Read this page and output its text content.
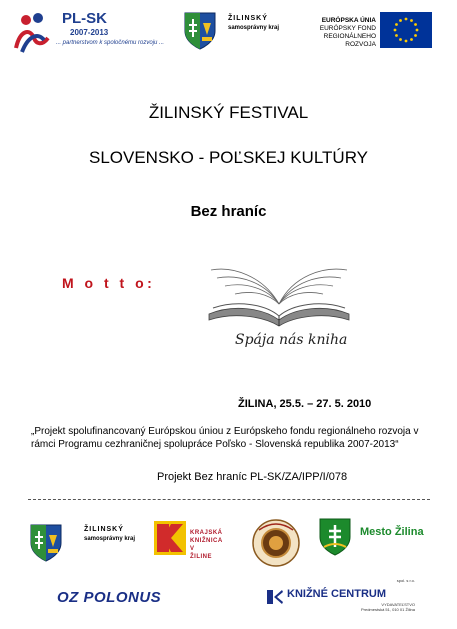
PL-SK
2007-2013
... partnerstvom k spoločnému rozvoju ...
ŽILINSKÝ
samosprávny kraj
EURÓPSKA ÚNIA
EURÓPSKY FOND
REGIONÁLNEHO ROZVOJA
ŽILINSKÝ FESTIVAL
SLOVENSKO - POĽSKEJ KULTÚRY
Bez hraníc
M o t t o:
Spája nás kniha
ŽILINA, 25.5. – 27. 5. 2010
„Projekt spolufinancovaný Európskou úniou z Európskeho fondu regionálneho rozvoja v rámci Programu cezhraničnej spolupráce Poľsko - Slovenská republika 2007-2013“
Projekt Bez hraníc PL-SK/ZA/IPP/I/078
ŽILINSKÝ
samosprávny kraj
KRAJSKÁ
KNIŽNICA
V
ŽILINE
Mesto Žilina
OZ POLONUS
spol. s r.o.
KNIŽNÉ CENTRUM
VYDAVATEĽSTVO
Predmestská 51, 010 01 Žilina
